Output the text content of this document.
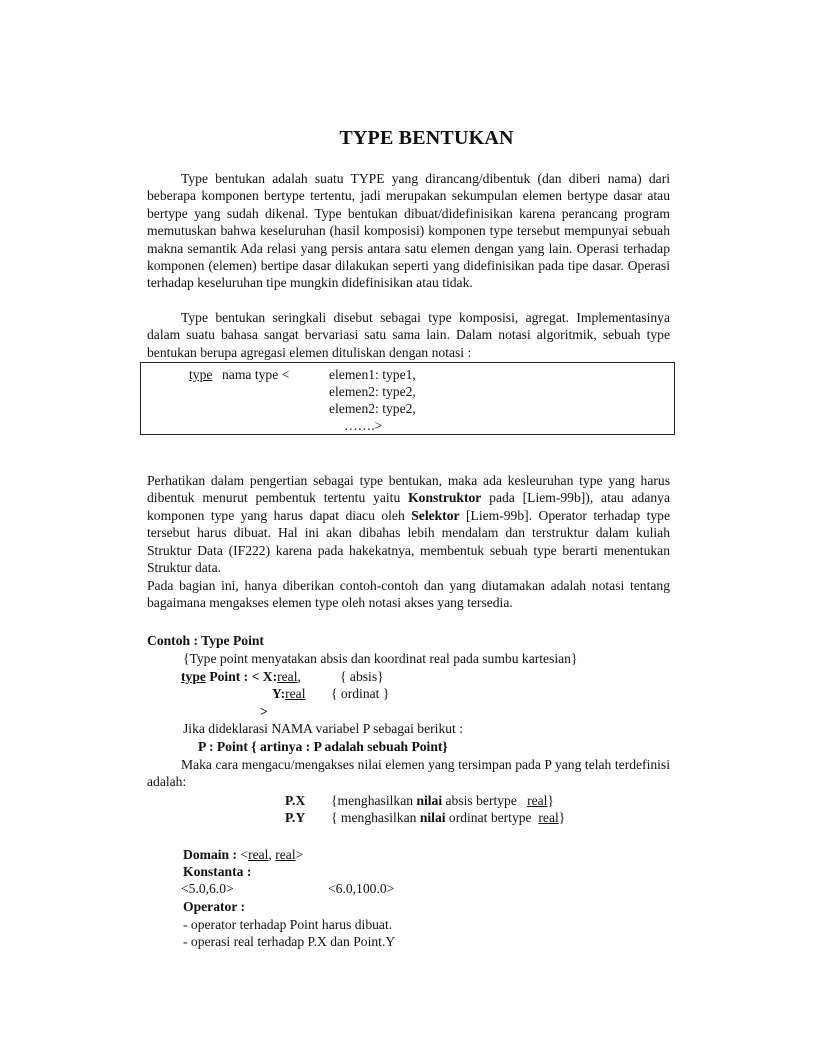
TYPE BENTUKAN

Type bentukan adalah suatu TYPE yang dirancang/dibentuk (dan diberi nama) dari beberapa komponen bertype tertentu, jadi merupakan sekumpulan elemen bertype dasar atau bertype yang sudah dikenal. Type bentukan dibuat/didefinisikan karena perancang program memutuskan bahwa keseluruhan (hasil komposisi) komponen type tersebut mempunyai sebuah makna semantik Ada relasi yang persis antara satu elemen dengan yang lain. Operasi terhadap komponen (elemen) bertipe dasar dilakukan seperti yang didefinisikan pada tipe dasar. Operasi terhadap keseluruhan tipe mungkin didefinisikan atau tidak.

Type bentukan seringkali disebut sebagai type komposisi, agregat. Implementasinya dalam suatu bahasa sangat bervariasi satu sama lain. Dalam notasi algoritmik, sebuah type bentukan berupa agregasi elemen dituliskan dengan notasi :

type nama type <	elemen1: type1,
elemen2: type2,
elemen2: type2,
…….>

Perhatikan dalam pengertian sebagai type bentukan, maka ada kesleuruhan type yang harus dibentuk menurut pembentuk tertentu yaitu Konstruktor pada [Liem-99b]), atau adanya komponen type yang harus dapat diacu oleh Selektor [Liem-99b]. Operator terhadap type tersebut harus dibuat. Hal ini akan dibahas lebih mendalam dan terstruktur dalam kuliah Struktur Data (IF222) karena pada hakekatnya, membentuk sebuah type berarti menentukan Struktur data.

Pada bagian ini, hanya diberikan contoh-contoh dan yang diutamakan adalah notasi tentang bagaimana mengakses elemen type oleh notasi akses yang tersedia.

Contoh : Type Point
{Type point menyatakan absis dan koordinat real pada sumbu kartesian}
type Point : < X:real,	{ absis}
Y:real { ordinat }
>
Jika dideklarasi NAMA variabel P sebagai berikut :
P : Point { artinya : P adalah sebuah Point}

Maka cara mengacu/mengakses nilai elemen yang tersimpan pada P yang telah terdefinisi adalah:

P.X {menghasilkan nilai absis bertype   real}
P.Y { menghasilkan nilai ordinat bertype  real}
Domain : <real, real>
Konstanta :
<5.0,6.0>	<6.0,100.0>
Operator :
- operator terhadap Point harus dibuat.
- operasi real terhadap P.X dan Point.Y
